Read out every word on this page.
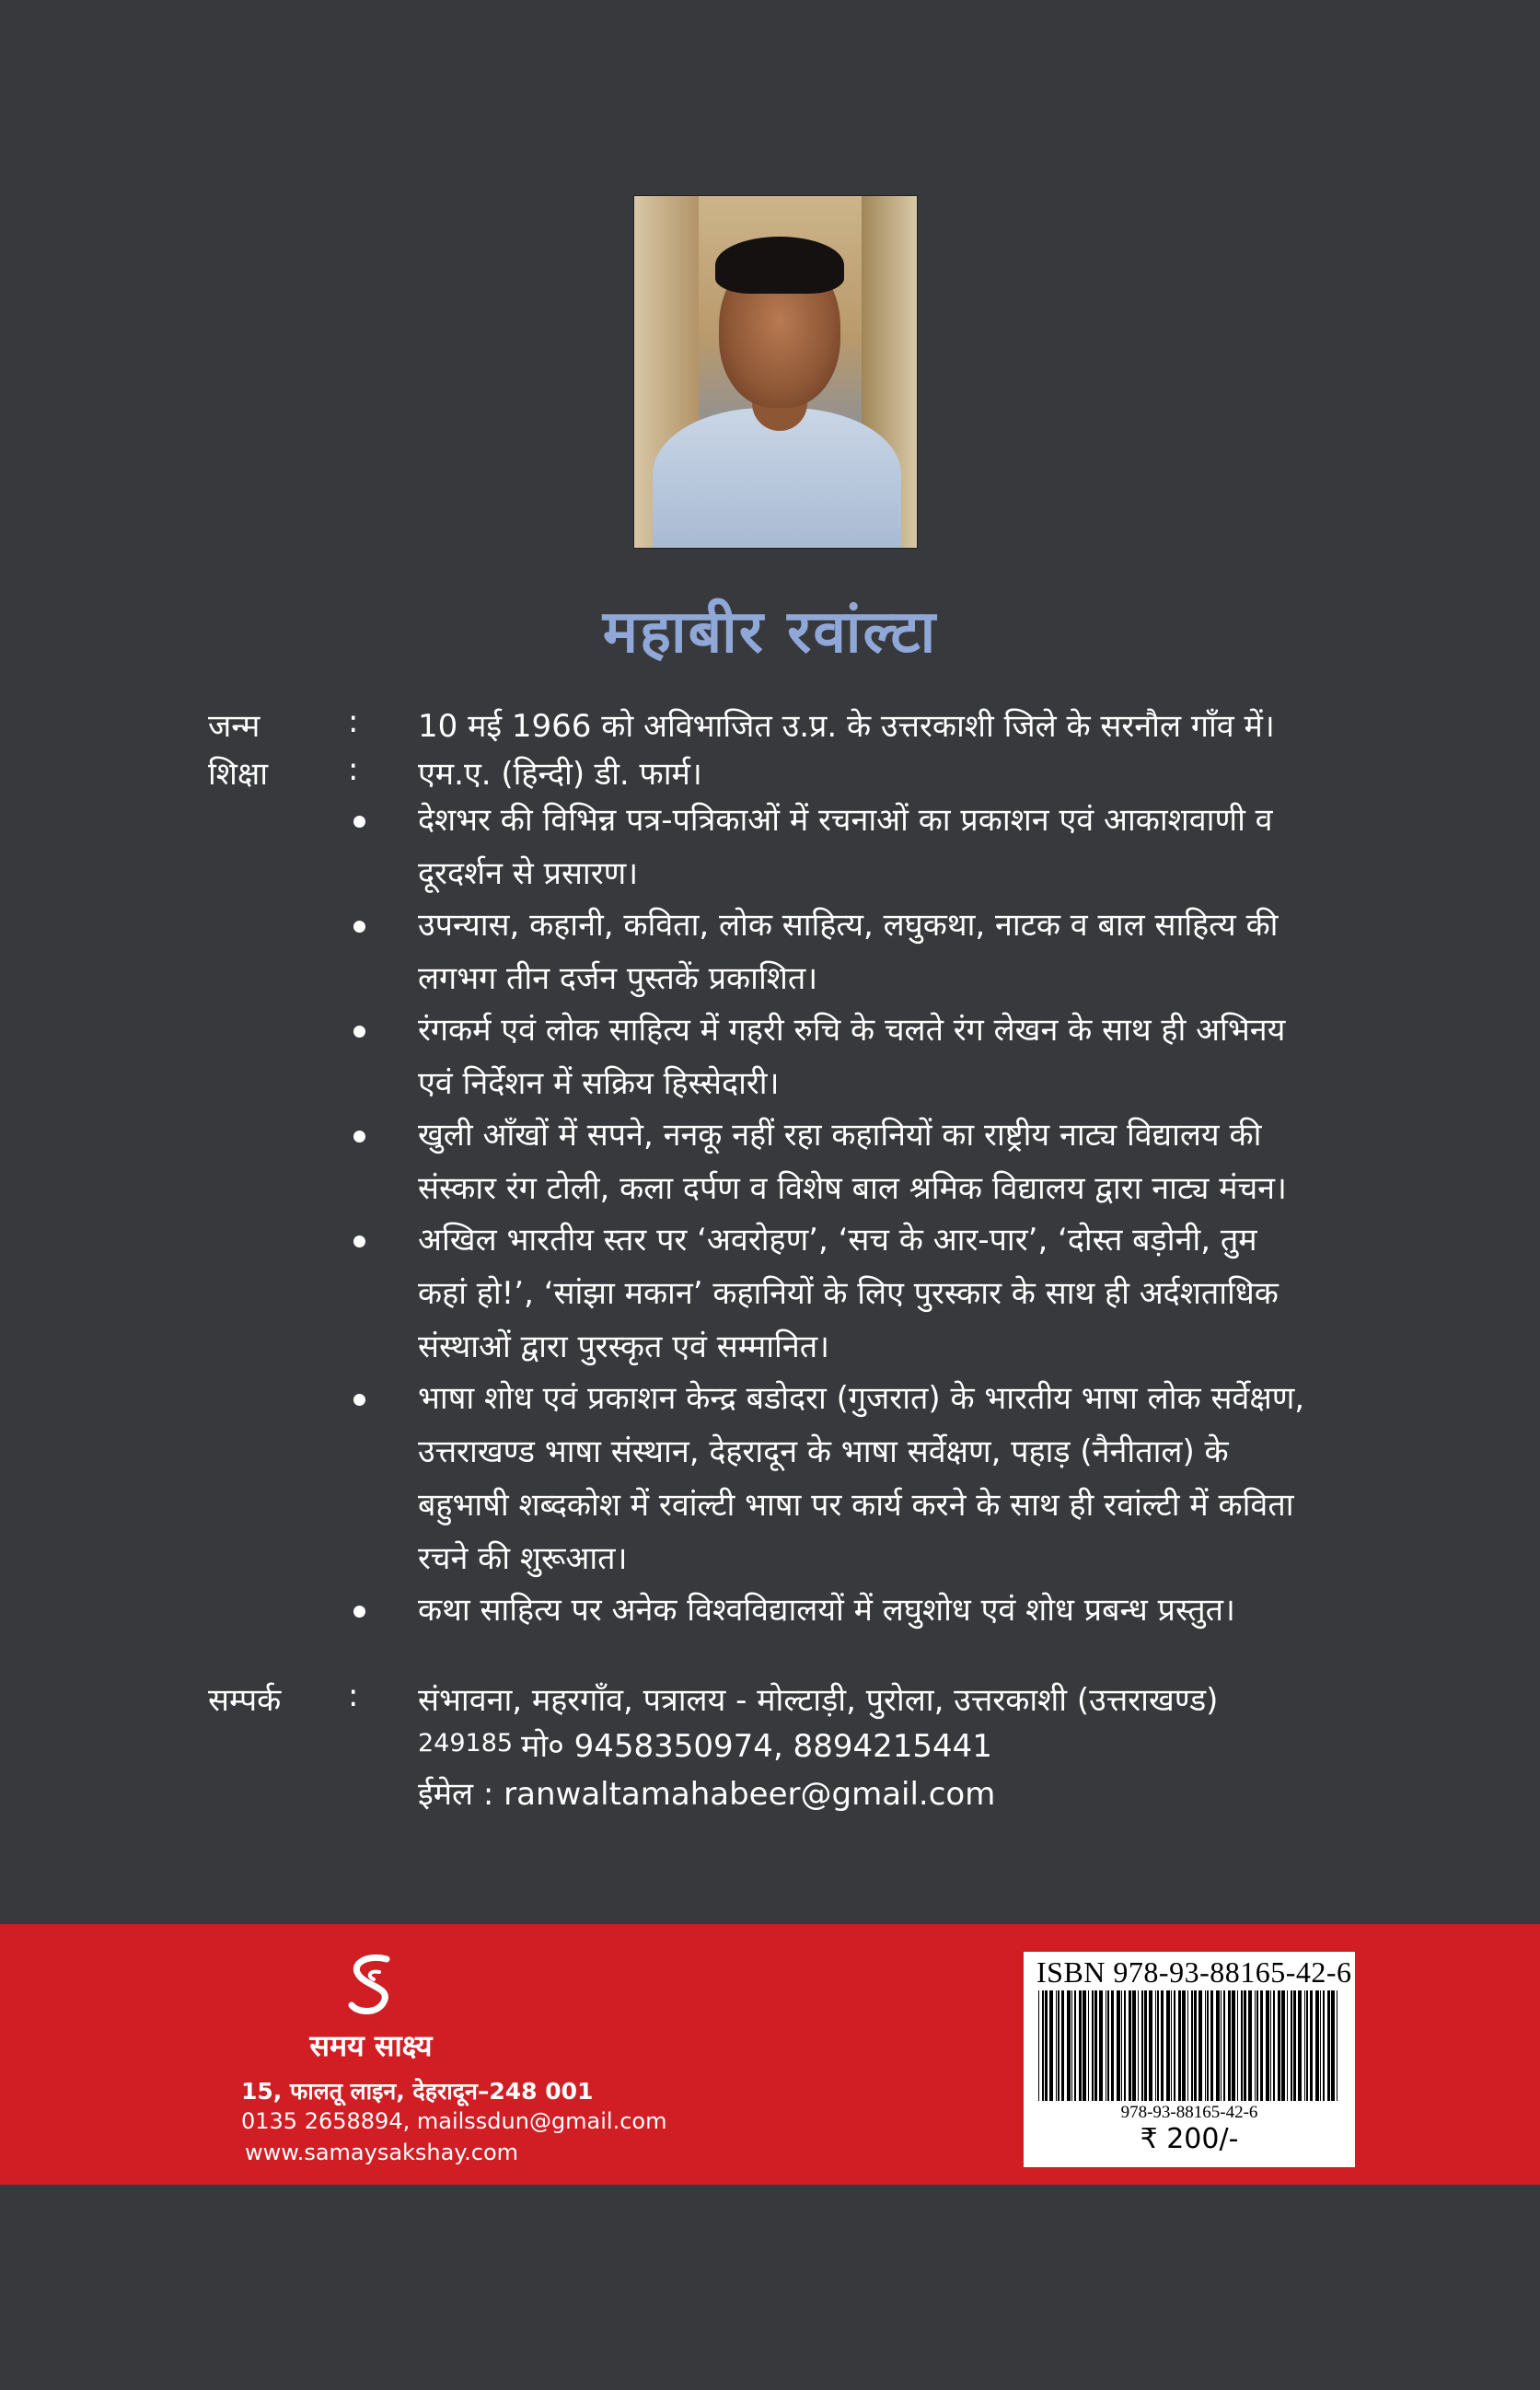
महाबीर रवांल्टा
जन्म	: 10 मई 1966 को अविभाजित उ.प्र. के उत्तरकाशी जिले के सरनौल गाँव में।
शिक्षा	: एम.ए. (हिन्दी) डी. फार्म।
देशभर की विभिन्न पत्र-पत्रिकाओं में रचनाओं का प्रकाशन एवं आकाशवाणी व
दूरदर्शन से प्रसारण।
उपन्यास, कहानी, कविता, लोक साहित्य, लघुकथा, नाटक व बाल साहित्य की
लगभग तीन दर्जन पुस्तकें प्रकाशित।
रंगकर्म एवं लोक साहित्य में गहरी रुचि के चलते रंग लेखन के साथ ही अभिनय
एवं निर्देशन में सक्रिय हिस्सेदारी।
खुली आँखों में सपने, ननकू नहीं रहा कहानियों का राष्ट्रीय नाट्य विद्यालय की
संस्कार रंग टोली, कला दर्पण व विशेष बाल श्रमिक विद्यालय द्वारा नाट्य मंचन।
अखिल भारतीय स्तर पर ‘अवरोहण’, ‘सच के आर-पार’, ‘दोस्त बड़ोनी, तुम
कहां हो!’, ‘सांझा मकान’ कहानियों के लिए पुरस्कार के साथ ही अर्दशताधिक
संस्थाओं द्वारा पुरस्कृत एवं सम्मानित।
भाषा शोध एवं प्रकाशन केन्द्र बडोदरा (गुजरात) के भारतीय भाषा लोक सर्वेक्षण,
उत्तराखण्ड भाषा संस्थान, देहरादून के भाषा सर्वेक्षण, पहाड़ (नैनीताल) के
बहुभाषी शब्दकोश में रवांल्टी भाषा पर कार्य करने के साथ ही रवांल्टी में कविता
रचने की शुरूआत।
कथा साहित्य पर अनेक विश्वविद्यालयों में लघुशोध एवं शोध प्रबन्ध प्रस्तुत।
सम्पर्क : संभावना, महरगाँव, पत्रालय - मोल्टाड़ी, पुरोला, उत्तरकाशी (उत्तराखण्ड)
249185 मो० 9458350974, 8894215441
ईमेल : ranwaltamahabeer@gmail.com
समय साक्ष्य
15, फालतू लाइन, देहरादून–248 001
0135 2658894, mailssdun@gmail.com
www.samaysakshay.com
ISBN 978-93-88165-42-6
978-93-88165-42-6
₹ 200/-
